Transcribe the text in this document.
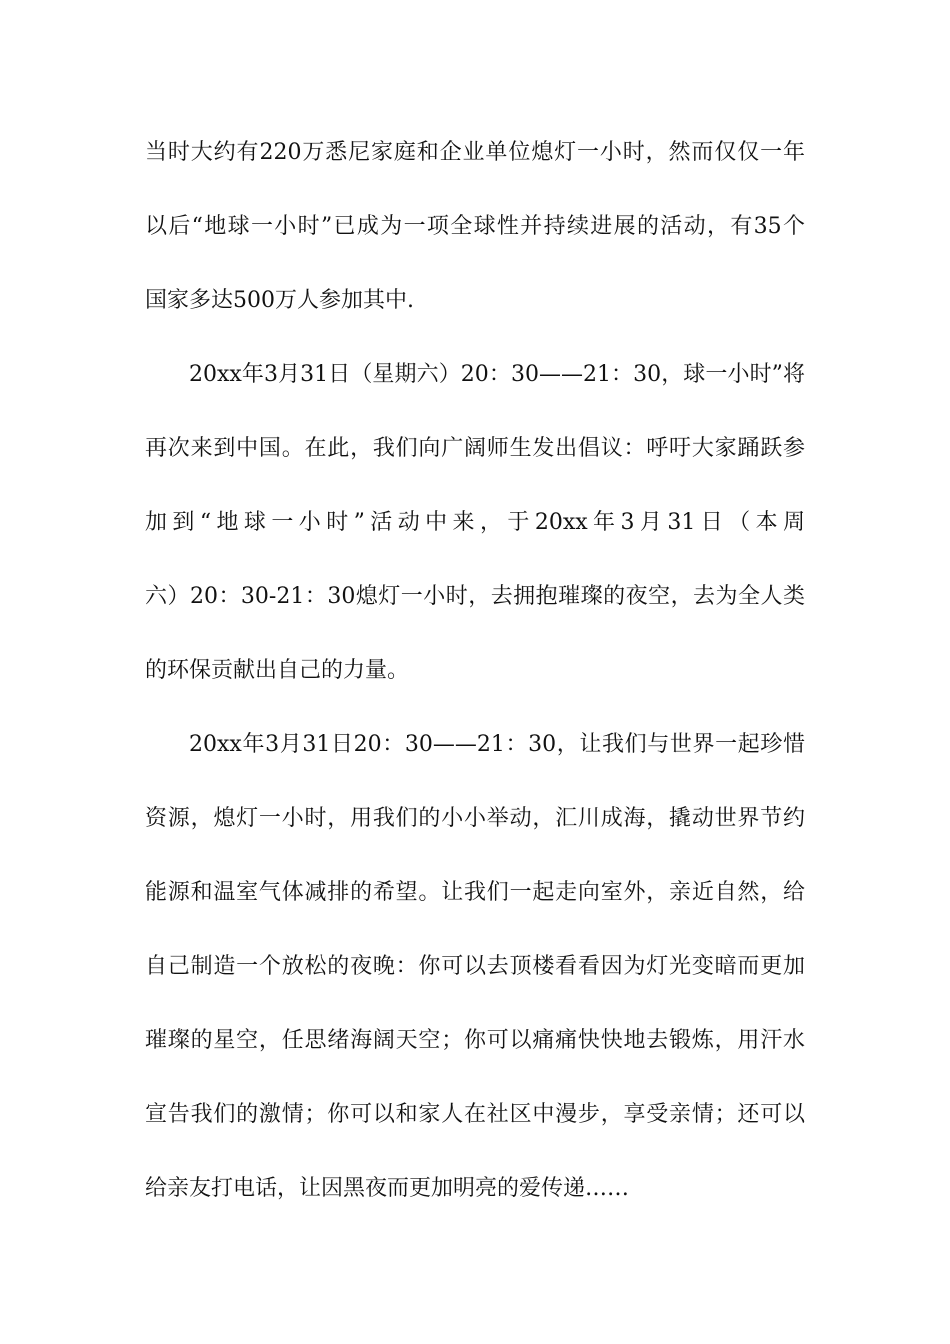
当时大约有220万悉尼家庭和企业单位熄灯一小时，然而仅仅一年
以后“地球一小时”已成为一项全球性并持续进展的活动，有35个
国家多达500万人参加其中.
20xx年3月31日（星期六）20：30——21：30，球一小时”将
再次来到中国。在此，我们向广阔师生发出倡议：呼吁大家踊跃参
加到“地球一小时”活动中来，于20xx年3月31日（本周
六）20：30-21：30熄灯一小时，去拥抱璀璨的夜空，去为全人类
的环保贡献出自己的力量。
20xx年3月31日20：30——21：30，让我们与世界一起珍惜
资源，熄灯一小时，用我们的小小举动，汇川成海，撬动世界节约
能源和温室气体减排的希望。让我们一起走向室外，亲近自然，给
自己制造一个放松的夜晚：你可以去顶楼看看因为灯光变暗而更加
璀璨的星空，任思绪海阔天空；你可以痛痛快快地去锻炼，用汗水
宣告我们的激情；你可以和家人在社区中漫步，享受亲情；还可以
给亲友打电话，让因黑夜而更加明亮的爱传递……
